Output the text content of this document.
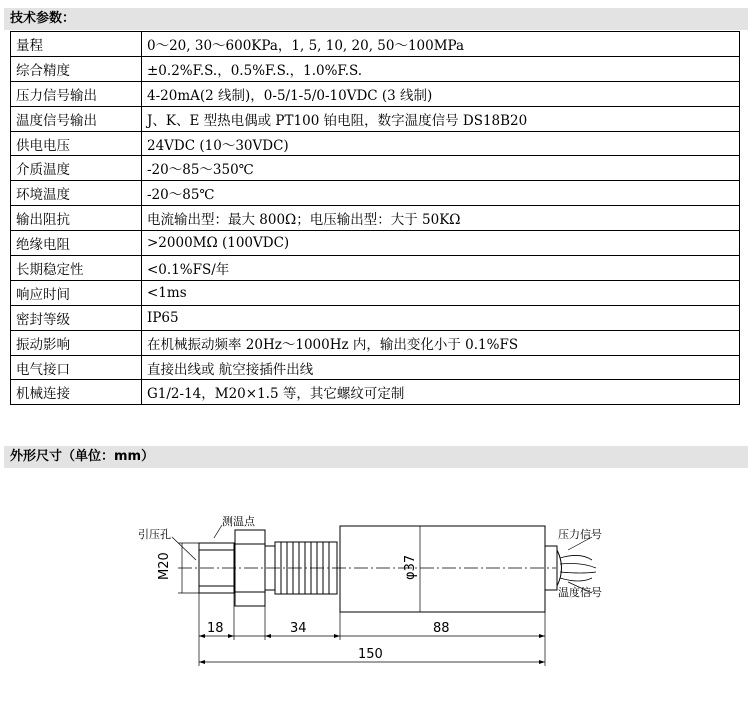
技术参数：
量程	0～20, 30～600KPa，1, 5, 10, 20, 50～100MPa
综合精度	±0.2%F.S.，0.5%F.S.，1.0%F.S.
压力信号输出	4-20mA(2 线制)，0-5/1-5/0-10VDC (3 线制)
温度信号输出	J、K、E 型热电偶或 PT100 铂电阻，数字温度信号 DS18B20
供电电压	24VDC (10～30VDC)
介质温度	-20～85～350℃
环境温度	-20～85℃
输出阻抗	电流输出型：最大 800Ω；电压输出型：大于 50KΩ
绝缘电阻	>2000MΩ (100VDC)
长期稳定性	<0.1%FS/年
响应时间	<1ms
密封等级	IP65
振动影响	在机械振动频率 20Hz～1000Hz 内，输出变化小于 0.1%FS
电气接口	直接出线或 航空接插件出线
机械连接	G1/2-14，M20×1.5 等，其它螺纹可定制
外形尺寸（单位：mm）
引压孔
测温点
M20	φ37
压力信号
温度信号
18	34	88
150
